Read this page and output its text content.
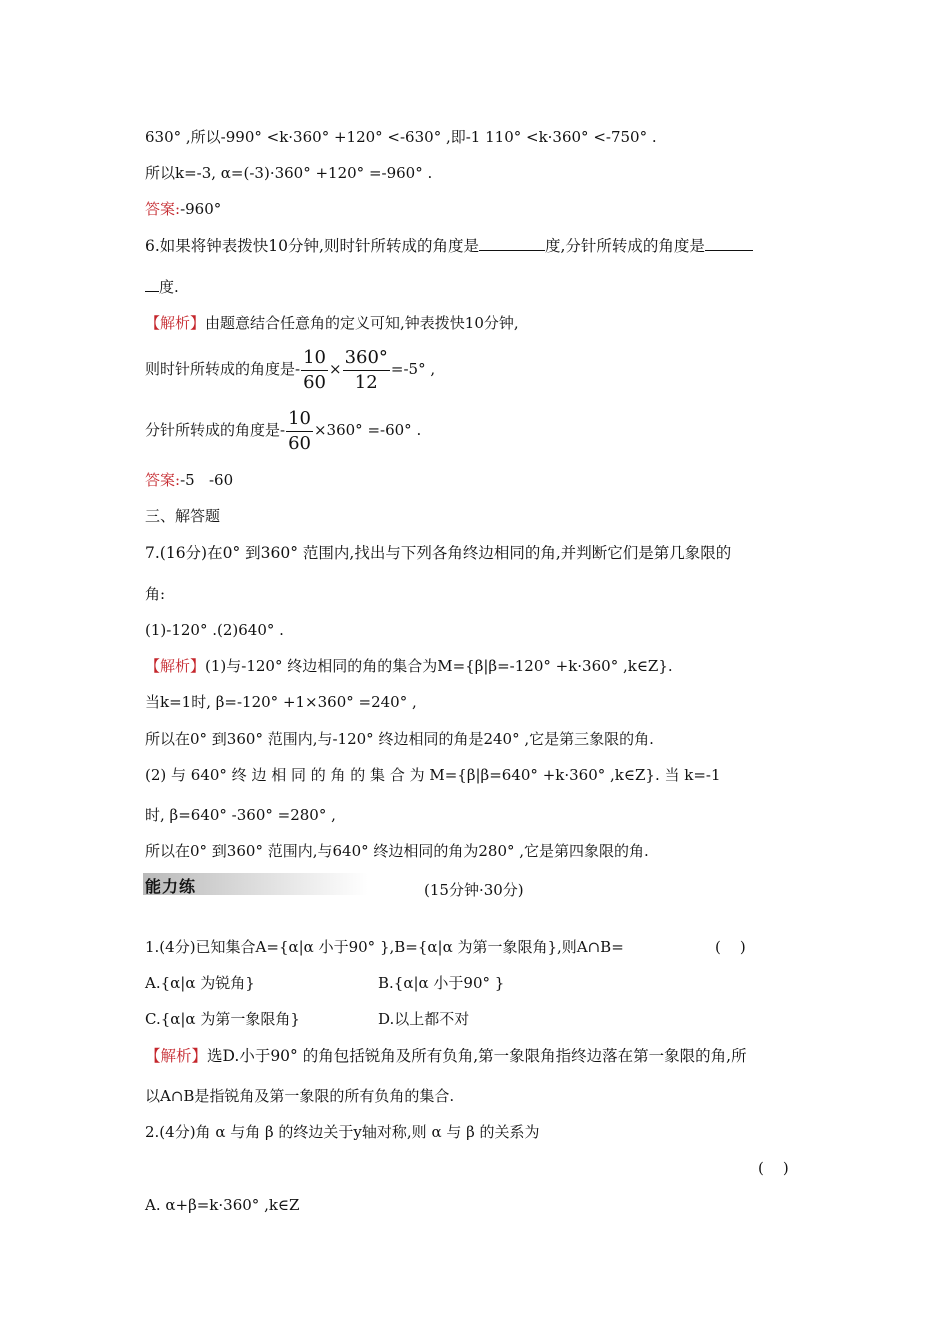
630° ,所以-990° <k·360° +120° <-630° ,即-1 110° <k·360° <-750° .
所以k=-3, α=(-3)·360° +120° =-960° .
答案:-960°
6.如果将钟表拨快10分钟,则时针所转成的角度是	度,分针所转成的角度是
度.
【解析】由题意结合任意角的定义可知,钟表拨快10分钟,
则时针所转成的角度是- $\frac{10}{60} \times \frac{360^\circ}{12} =-5^\circ$ ,
分针所转成的角度是- $\frac{10}{60} \times 360^\circ =-60^\circ$ .
答案:-5   -60
三、解答题
7.(16分)在0° 到360° 范围内,找出与下列各角终边相同的角,并判断它们是第几象限的
角:
(1)-120° .(2)640° .
【解析】(1)与-120° 终边相同的角的集合为M={β|β=-120° +k·360° ,k∈Z}.
当k=1时, β=-120° +1×360° =240° ,
所以在0° 到360° 范围内,与-120° 终边相同的角是240° ,它是第三象限的角.
(2) 与 640° 终 边 相 同 的 角 的 集 合 为 M={β|β=640° +k·360° ,k∈Z}. 当 k=-1
时, β=640° -360° =280° ,
所以在0° 到360° 范围内,与640° 终边相同的角为280° ,它是第四象限的角.
能力练	(15分钟·30分)
1.(4分)已知集合A={α|α 小于90° },B={α|α 为第一象限角},则A∩B=	(    )
A.{α|α 为锐角}	B.{α|α 小于90° }
C.{α|α 为第一象限角}	D.以上都不对
【解析】选D.小于90° 的角包括锐角及所有负角,第一象限角指终边落在第一象限的角,所
以A∩B是指锐角及第一象限的所有负角的集合.
2.(4分)角 α 与角 β 的终边关于y轴对称,则 α 与 β 的关系为
(    )
A. α+β=k·360° ,k∈Z
